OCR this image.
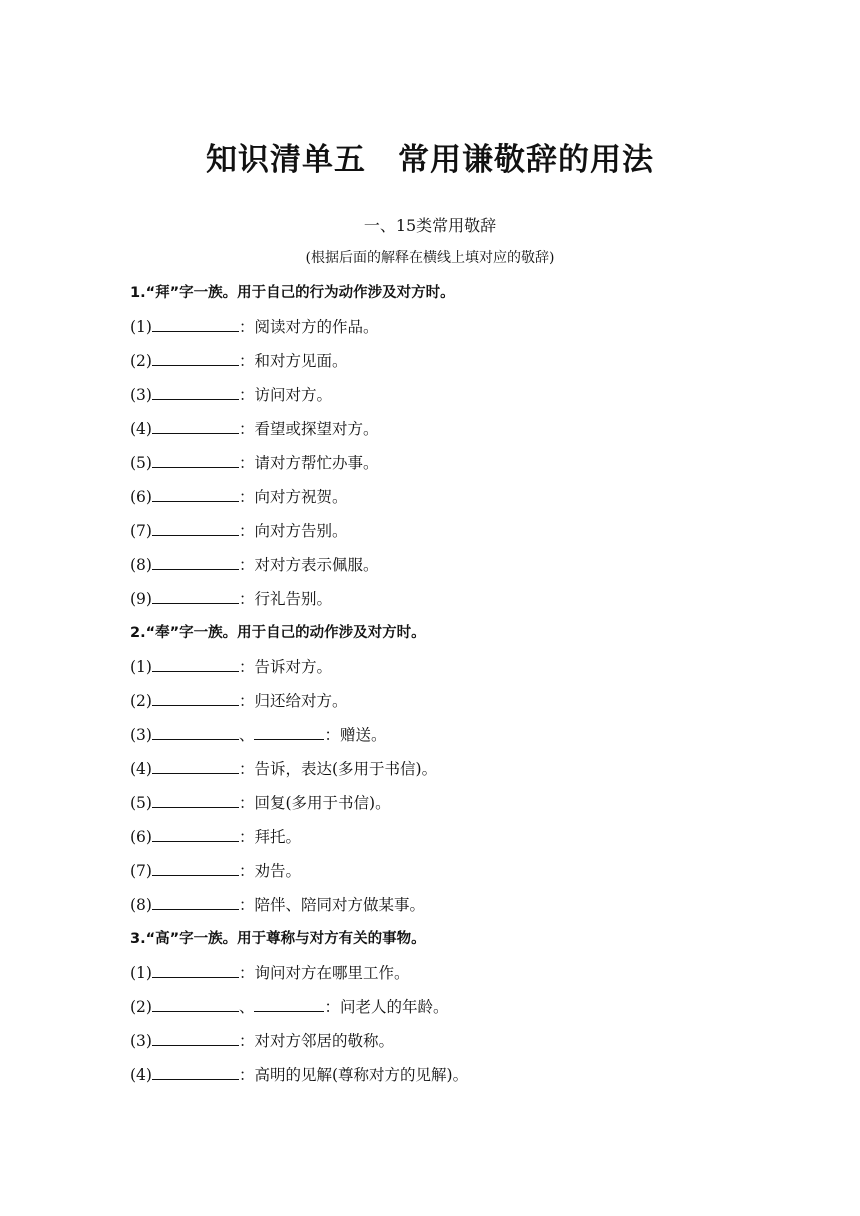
知识清单五　常用谦敬辞的用法
一、15类常用敬辞
(根据后面的解释在横线上填对应的敬辞)
1.“拜”字一族。用于自己的行为动作涉及对方时。
(1)	：阅读对方的作品。
(2)	：和对方见面。
(3)	：访问对方。
(4)	：看望或探望对方。
(5)	：请对方帮忙办事。
(6)	：向对方祝贺。
(7)	：向对方告别。
(8)	：对对方表示佩服。
(9)	：行礼告别。
2.“奉”字一族。用于自己的动作涉及对方时。
(1)	：告诉对方。
(2)	：归还给对方。
(3)	、	：赠送。
(4)	：告诉，表达(多用于书信)。
(5)	：回复(多用于书信)。
(6)	：拜托。
(7)	：劝告。
(8)	：陪伴、陪同对方做某事。
3.“高”字一族。用于尊称与对方有关的事物。
(1)	：询问对方在哪里工作。
(2)	、	：问老人的年龄。
(3)	：对对方邻居的敬称。
(4)	：高明的见解(尊称对方的见解)。
